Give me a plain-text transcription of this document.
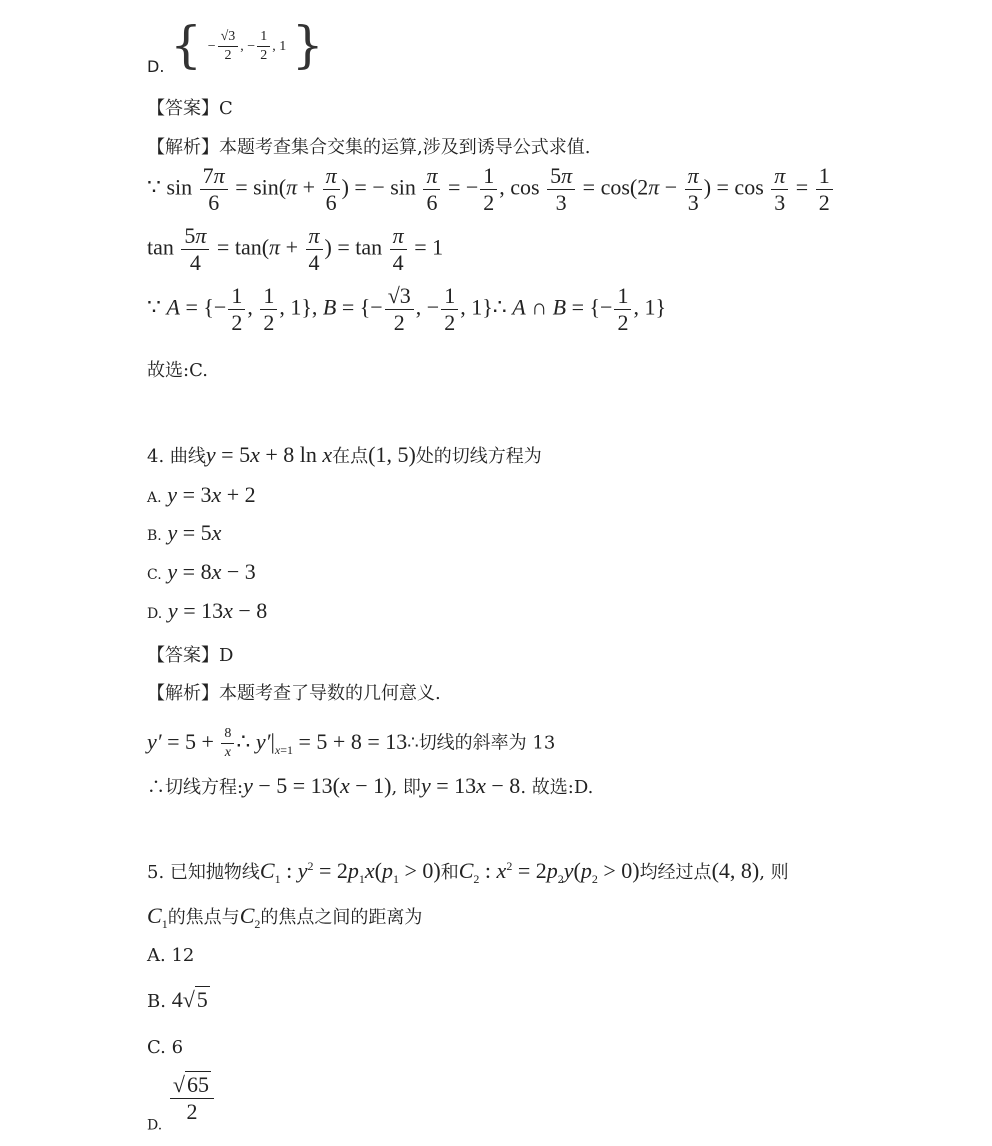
D. { − $\frac{√3}{2}$ , − $\frac{1}{2}$ , 1 }
【答案】C
【解析】本题考查集合交集的运算,涉及到诱导公式求值.
∵ $\sin \frac{7\pi}{6} = \sin(\pi + \frac{\pi}{6}$ ) = − $\sin \frac{\pi}{6}$ = − $\frac{1}{2}$ , $\cos \frac{5\pi}{3} = \cos(2\pi - \frac{\pi}{3}$ ) = $\cos \frac{\pi}{3} = \frac{1}{2}$
$\tan \frac{5\pi}{4} = \tan(\pi + \frac{\pi}{4}$ ) = $\tan \frac{\pi}{4} = 1$
∵ A = {− $\frac{1}{2}$ , $\frac{1}{2}$ , 1}, B = {− $\frac{√3}{2}$ , − $\frac{1}{2}$ , 1}∴ A ∩ B = {− $\frac{1}{2}$ , 1}
故选:C.
4. 曲线y = 5x + 8 ln x在点(1, 5)处的切线方程为
A. y = 3x + 2
B. y = 5x
C. y = 8x − 3
D. y = 13x − 8
【答案】D
【解析】本题考查了导数的几何意义.
$y' = 5 + \frac{8}{x}$ ∴ $y'|_{x=1} = 5 + 8$ = 13∴切线的斜率为 13
∴切线方程:y − 5 = 13(x − 1), 即y = 13x − 8. 故选:D.
5. 已知抛物线$C_1$ : $y^2 = 2p_1x(p_1 > 0)$和$C_2$ : $x^2 = 2p_2y(p_2 > 0)$均经过点(4, 8), 则
$C_1$的焦点与$C_2$的焦点之间的距离为
A. 12
B. 4√5
C. 6
$_{D.}$
$\frac{√65}{2}$
